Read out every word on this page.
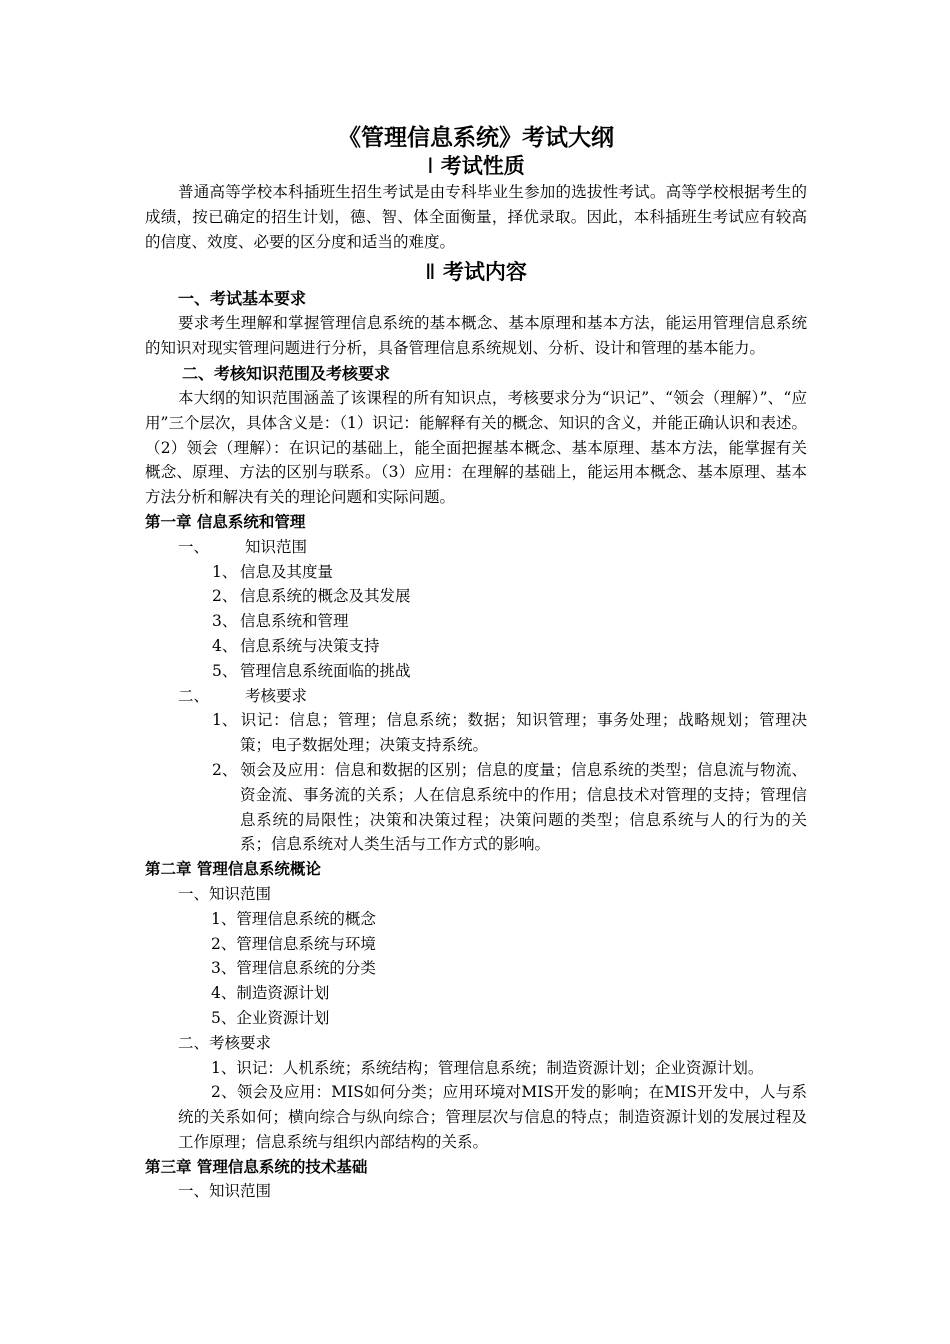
《管理信息系统》考试大纲
Ⅰ 考试性质

普通高等学校本科插班生招生考试是由专科毕业生参加的选拔性考试。高等学校根据考生的成绩，按已确定的招生计划，德、智、体全面衡量，择优录取。因此，本科插班生考试应有较高的信度、效度、必要的区分度和适当的难度。

Ⅱ 考试内容
一、考试基本要求

要求考生理解和掌握管理信息系统的基本概念、基本原理和基本方法，能运用管理信息系统的知识对现实管理问题进行分析，具备管理信息系统规划、分析、设计和管理的基本能力。

二、考核知识范围及考核要求

本大纲的知识范围涵盖了该课程的所有知识点，考核要求分为“识记”、“领会（理解）”、“应用”三个层次，具体含义是：（1）识记：能解释有关的概念、知识的含义，并能正确认识和表述。（2）领会（理解）：在识记的基础上，能全面把握基本概念、基本原理、基本方法，能掌握有关概念、原理、方法的区别与联系。（3）应用：在理解的基础上，能运用本概念、基本原理、基本方法分析和解决有关的理论问题和实际问题。

第一章 信息系统和管理
一、 知识范围
1、 信息及其度量
2、 信息系统的概念及其发展
3、 信息系统和管理
4、 信息系统与决策支持
5、 管理信息系统面临的挑战
二、 考核要求
1、 识记：信息；管理；信息系统；数据；知识管理；事务处理；战略规划；管理决策；电子数据处理；决策支持系统。
2、 领会及应用：信息和数据的区别；信息的度量；信息系统的类型；信息流与物流、资金流、事务流的关系；人在信息系统中的作用；信息技术对管理的支持；管理信息系统的局限性；决策和决策过程；决策问题的类型；信息系统与人的行为的关系；信息系统对人类生活与工作方式的影响。
第二章 管理信息系统概论
一、知识范围
1、管理信息系统的概念
2、管理信息系统与环境
3、管理信息系统的分类
4、制造资源计划
5、企业资源计划
二、考核要求
1、识记：人机系统；系统结构；管理信息系统；制造资源计划；企业资源计划。
2、领会及应用：MIS如何分类；应用环境对MIS开发的影响；在MIS开发中，人与系统的关系如何；横向综合与纵向综合；管理层次与信息的特点；制造资源计划的发展过程及工作原理；信息系统与组织内部结构的关系。
第三章 管理信息系统的技术基础
一、知识范围
